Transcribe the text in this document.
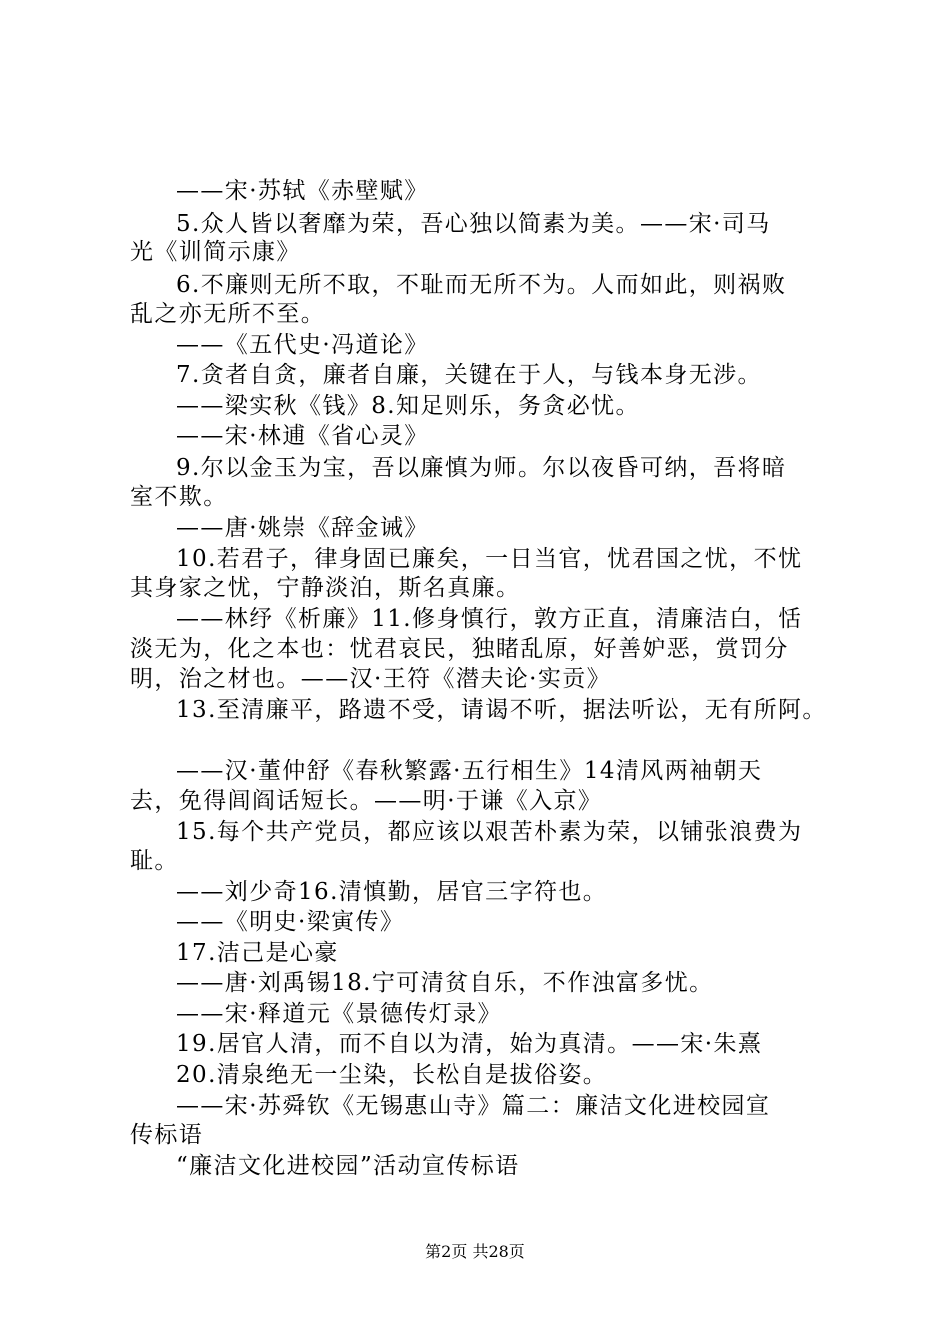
——宋·苏轼《赤壁赋》
5.众人皆以奢靡为荣，吾心独以简素为美。——宋·司马
光《训简示康》
6.不廉则无所不取，不耻而无所不为。人而如此，则祸败
乱之亦无所不至。
——《五代史·冯道论》
7.贪者自贪，廉者自廉，关键在于人，与钱本身无涉。
——梁实秋《钱》8.知足则乐，务贪必忧。
——宋·林逋《省心灵》
9.尔以金玉为宝，吾以廉慎为师。尔以夜昏可纳，吾将暗
室不欺。
——唐·姚崇《辞金诫》
10.若君子，律身固已廉矣，一日当官，忧君国之忧，不忧
其身家之忧，宁静淡泊，斯名真廉。
——林纾《析廉》11.修身慎行，敦方正直，清廉洁白，恬
淡无为，化之本也：忧君哀民，独睹乱原，好善妒恶，赏罚分
明，治之材也。——汉·王符《潜夫论·实贡》
13.至清廉平，路遗不受，请谒不听，据法听讼，无有所阿。
——汉·董仲舒《春秋繁露·五行相生》14清风两袖朝天
去，免得闾阎话短长。——明·于谦《入京》
15.每个共产党员，都应该以艰苦朴素为荣，以铺张浪费为
耻。
——刘少奇16.清慎勤，居官三字符也。
——《明史·梁寅传》
17.洁己是心豪
——唐·刘禹锡18.宁可清贫自乐，不作浊富多忧。
——宋·释道元《景德传灯录》
19.居官人清，而不自以为清，始为真清。——宋·朱熹
20.清泉绝无一尘染，长松自是拔俗姿。
——宋·苏舜钦《无锡惠山寺》篇二：廉洁文化进校园宣
传标语
“廉洁文化进校园”活动宣传标语
第2页 共28页
